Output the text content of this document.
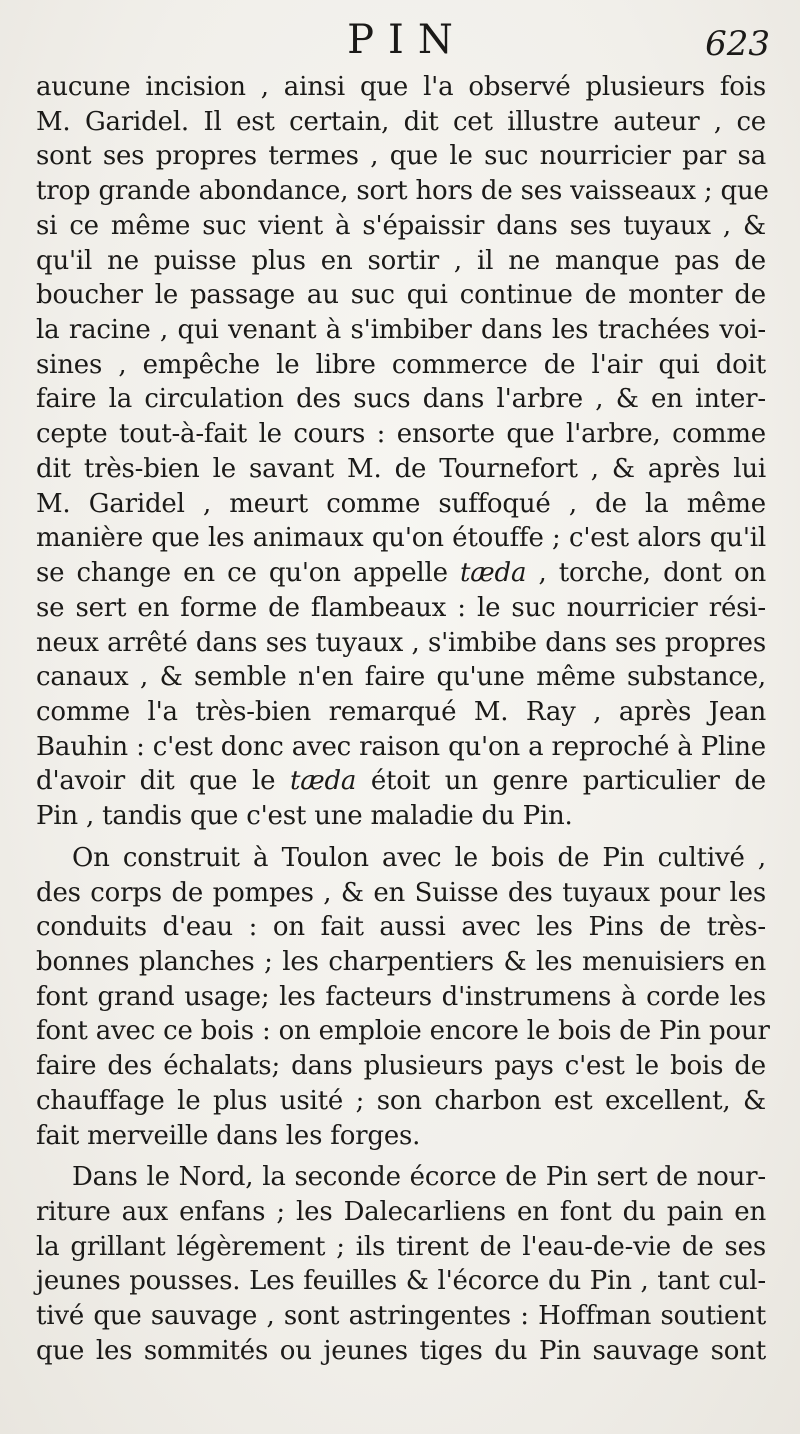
PIN	623
aucune incision , ainsi que l'a observé plusieurs fois
M. Garidel. Il est certain, dit cet illustre auteur , ce
sont ses propres termes , que le suc nourricier par sa
trop grande abondance, sort hors de ses vaisseaux ; que
si ce même suc vient à s'épaissir dans ses tuyaux , &
qu'il ne puisse plus en sortir , il ne manque pas de
boucher le passage au suc qui continue de monter de
la racine , qui venant à s'imbiber dans les trachées voi-
sines , empêche le libre commerce de l'air qui doit
faire la circulation des sucs dans l'arbre , & en inter-
cepte tout-à-fait le cours : ensorte que l'arbre, comme
dit très-bien le savant M. de Tournefort , & après lui
M. Garidel , meurt comme suffoqué , de la même
manière que les animaux qu'on étouffe ; c'est alors qu'il
se change en ce qu'on appelle tæda , torche, dont on
se sert en forme de flambeaux : le suc nourricier rési-
neux arrêté dans ses tuyaux , s'imbibe dans ses propres
canaux , & semble n'en faire qu'une même substance,
comme l'a très-bien remarqué M. Ray , après Jean
Bauhin : c'est donc avec raison qu'on a reproché à Pline
d'avoir dit que le tæda étoit un genre particulier de
Pin , tandis que c'est une maladie du Pin.
On construit à Toulon avec le bois de Pin cultivé ,
des corps de pompes , & en Suisse des tuyaux pour les
conduits d'eau : on fait aussi avec les Pins de très-
bonnes planches ; les charpentiers & les menuisiers en
font grand usage; les facteurs d'instrumens à corde les
font avec ce bois : on emploie encore le bois de Pin pour
faire des échalats; dans plusieurs pays c'est le bois de
chauffage le plus usité ; son charbon est excellent, &
fait merveille dans les forges.
Dans le Nord, la seconde écorce de Pin sert de nour-
riture aux enfans ; les Dalecarliens en font du pain en
la grillant légèrement ; ils tirent de l'eau-de-vie de ses
jeunes pousses. Les feuilles & l'écorce du Pin , tant cul-
tivé que sauvage , sont astringentes : Hoffman soutient
que les sommités ou jeunes tiges du Pin sauvage sont
